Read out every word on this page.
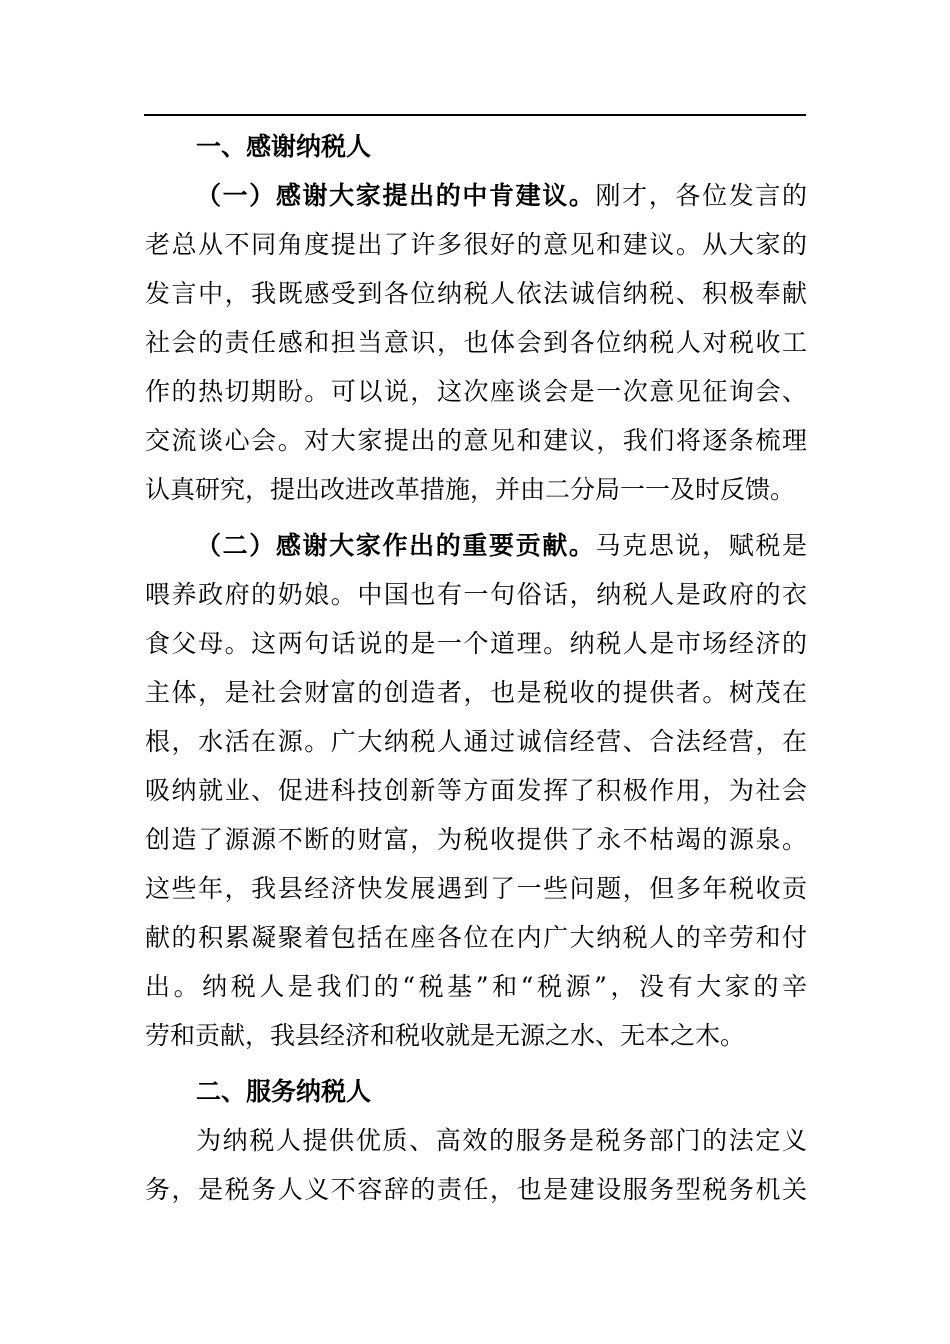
一、感谢纳税人
（一）感谢大家提出的中肯建议。刚才，各位发言的
老总从不同角度提出了许多很好的意见和建议。从大家的
发言中，我既感受到各位纳税人依法诚信纳税、积极奉献
社会的责任感和担当意识，也体会到各位纳税人对税收工
作的热切期盼。可以说，这次座谈会是一次意见征询会、
交流谈心会。对大家提出的意见和建议，我们将逐条梳理
认真研究，提出改进改革措施，并由二分局一一及时反馈。
（二）感谢大家作出的重要贡献。马克思说，赋税是
喂养政府的奶娘。中国也有一句俗话，纳税人是政府的衣
食父母。这两句话说的是一个道理。纳税人是市场经济的
主体，是社会财富的创造者，也是税收的提供者。树茂在
根，水活在源。广大纳税人通过诚信经营、合法经营，在
吸纳就业、促进科技创新等方面发挥了积极作用，为社会
创造了源源不断的财富，为税收提供了永不枯竭的源泉。
这些年，我县经济快发展遇到了一些问题，但多年税收贡
献的积累凝聚着包括在座各位在内广大纳税人的辛劳和付
出。纳税人是我们的“税基”和“税源”，没有大家的辛
劳和贡献，我县经济和税收就是无源之水、无本之木。
二、服务纳税人
为纳税人提供优质、高效的服务是税务部门的法定义
务，是税务人义不容辞的责任，也是建设服务型税务机关
